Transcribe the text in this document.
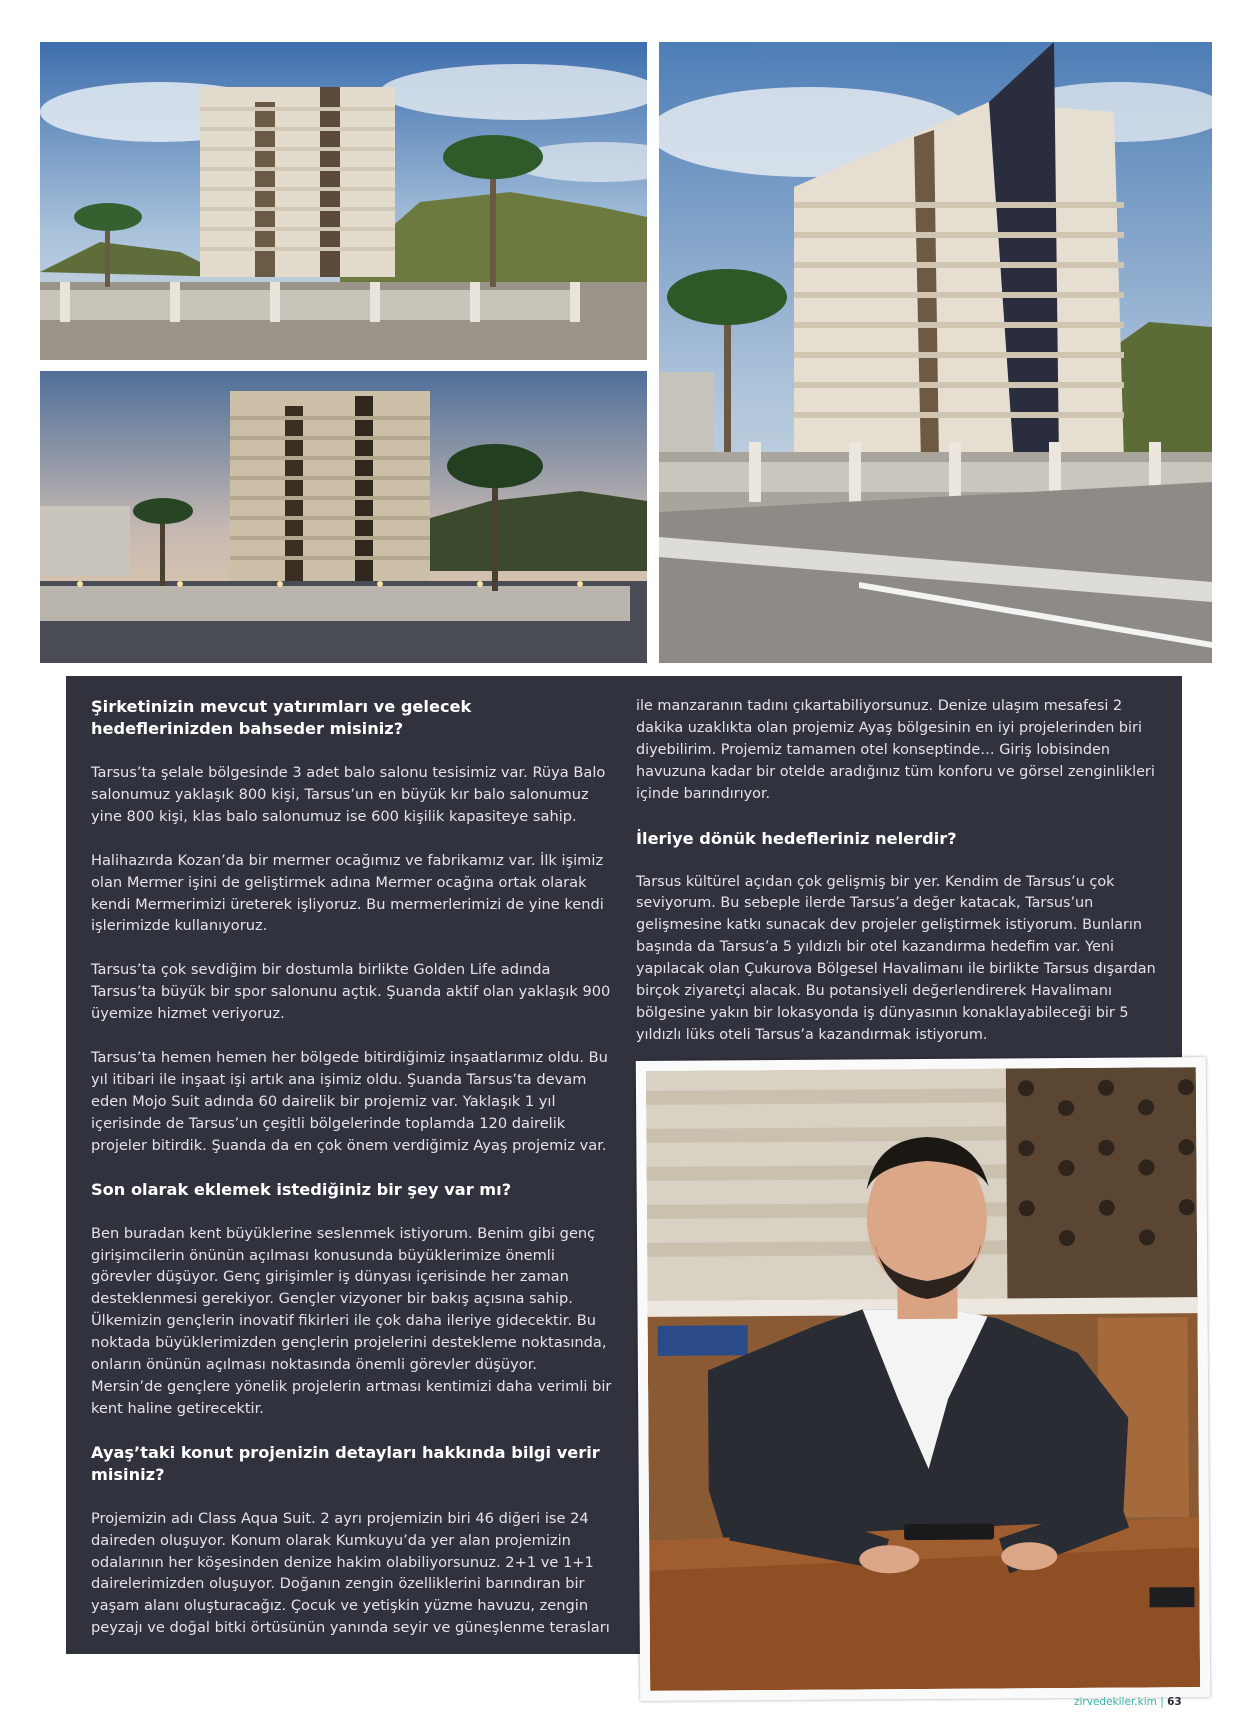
Şirketinizin mevcut yatırımları ve gelecek hedeflerinizden bahseder misiniz?

Tarsus’ta şelale bölgesinde 3 adet balo salonu tesisimiz var. Rüya Balo salonumuz yaklaşık 800 kişi, Tarsus’un en büyük kır balo salonumuz yine 800 kişi, klas balo salonumuz ise 600 kişilik kapasiteye sahip.

Halihazırda Kozan’da bir mermer ocağımız ve fabrikamız var. İlk işimiz olan Mermer işini de geliştirmek adına Mermer ocağına ortak olarak kendi Mermerimizi üreterek işliyoruz. Bu mermerlerimizi de yine kendi işlerimizde kullanıyoruz.

Tarsus’ta çok sevdiğim bir dostumla birlikte Golden Life adında Tarsus’ta büyük bir spor salonunu açtık. Şuanda aktif olan yaklaşık 900 üyemize hizmet veriyoruz.

Tarsus’ta hemen hemen her bölgede bitirdiğimiz inşaatlarımız oldu. Bu yıl itibari ile inşaat işi artık ana işimiz oldu. Şuanda Tarsus’ta devam eden Mojo Suit adında 60 dairelik bir projemiz var. Yaklaşık 1 yıl içerisinde de Tarsus’un çeşitli bölgelerinde toplamda 120 dairelik projeler bitirdik. Şuanda da en çok önem verdiğimiz Ayaş projemiz var.

Son olarak eklemek istediğiniz bir şey var mı?

Ben buradan kent büyüklerine seslenmek istiyorum. Benim gibi genç girişimcilerin önünün açılması konusunda büyüklerimize önemli görevler düşüyor. Genç girişimler iş dünyası içerisinde her zaman desteklenmesi gerekiyor. Gençler vizyoner bir bakış açısına sahip. Ülkemizin gençlerin inovatif fikirleri ile çok daha ileriye gidecektir. Bu noktada büyüklerimizden gençlerin projelerini destekleme noktasında, onların önünün açılması noktasında önemli görevler düşüyor. Mersin’de gençlere yönelik projelerin artması kentimizi daha verimli bir kent haline getirecektir.

Ayaş’taki konut projenizin detayları hakkında bilgi verir misiniz?

Projemizin adı Class Aqua Suit. 2 ayrı projemizin biri 46 diğeri ise 24 daireden oluşuyor. Konum olarak Kumkuyu’da yer alan projemizin odalarının her köşesinden denize hakim olabiliyorsunuz. 2+1 ve 1+1 dairelerimizden oluşuyor. Doğanın zengin özelliklerini barındıran bir yaşam alanı oluşturacağız. Çocuk ve yetişkin yüzme havuzu, zengin peyzajı ve doğal bitki örtüsünün yanında seyir ve güneşlenme terasları

ile manzaranın tadını çıkartabiliyorsunuz. Denize ulaşım mesafesi 2 dakika uzaklıkta olan projemiz Ayaş bölgesinin en iyi projelerinden biri diyebilirim. Projemiz tamamen otel konseptinde… Giriş lobisinden havuzuna kadar bir otelde aradığınız tüm konforu ve görsel zenginlikleri içinde barındırıyor.

İleriye dönük hedefleriniz nelerdir?

Tarsus kültürel açıdan çok gelişmiş bir yer. Kendim de Tarsus’u çok seviyorum. Bu sebeple ilerde Tarsus’a değer katacak, Tarsus’un gelişmesine katkı sunacak dev projeler geliştirmek istiyorum. Bunların başında da Tarsus’a 5 yıldızlı bir otel kazandırma hedefim var. Yeni yapılacak olan Çukurova Bölgesel Havalimanı ile birlikte Tarsus dışardan birçok ziyaretçi alacak. Bu potansiyeli değerlendirerek Havalimanı bölgesine yakın bir lokasyonda iş dünyasının konaklayabileceği bir 5 yıldızlı lüks oteli Tarsus’a kazandırmak istiyorum.

zirvedekiler.kim | 63
